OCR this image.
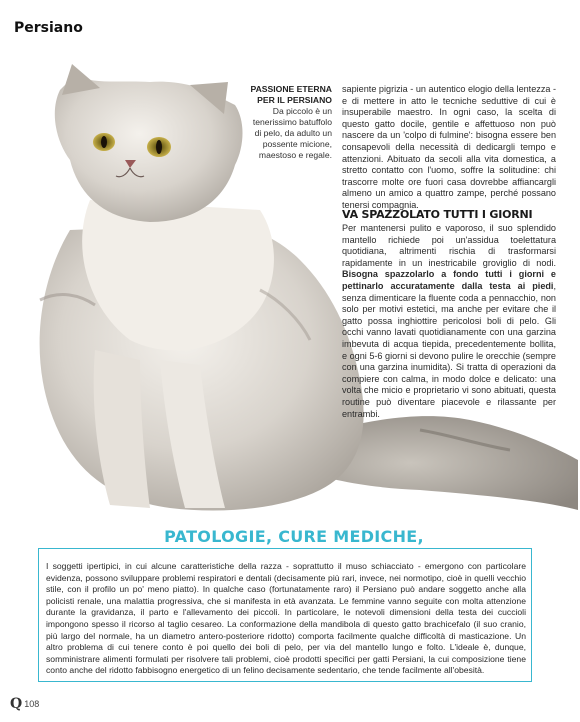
Persiano
PASSIONE ETERNA
PER IL PERSIANO
Da piccolo è un tenerissimo batuffolo di pelo, da adulto un possente micione, maestoso e regale.
sapiente pigrizia - un autentico elogio della lentezza - e di metterе in atto le tecniche seduttive di cui è insuperabile maestro. In ogni caso, la scelta di questo gatto docile, gentile e affettuoso non può nascere da un 'colpo di fulmine': bisogna essere ben consapevoli della necessità di dedicargli tempo e attenzioni. Abituato da secoli alla vita domestica, a stretto contatto con l'uomo, soffre la solitudine: chi trascorre molte ore fuori casa dovrebbe affiancargli almeno un amico a quattro zampe, perché possano tenersi compagnia.
VA SPAZZOLATO TUTTI I GIORNI
Per mantenersi pulito e vaporoso, il suo splendido mantello richiede poi un'assidua toelettatura quotidiana, altrimenti rischia di trasformarsi rapidamente in un inestricabile groviglio di nodi. Bisogna spazzolarlo a fondo tutti i giorni e pettinarlo accuratamente dalla testa ai piedi, senza dimenticare la fluente coda a pennacchio, non solo per motivi estetici, ma anche per evitare che il gatto possa inghiottire pericolosi boli di pelo. Gli occhi vanno lavati quotidianamente con una garzina imbevuta di acqua tiepida, precedentemente bollita, e ogni 5-6 giorni si devono pulire le orecchie (sempre con una garzina inumidita). Si tratta di operazioni da compiere con calma, in modo dolce e delicato: una volta che micio e proprietario vi sono abituati, questa routine può diventare piacevole e rilassante per entrambi.
PATOLOGIE, CURE MEDICHE,
I soggetti ipertipici, in cui alcune caratteristiche della razza - soprattutto il muso schiacciato - emergono con particolare evidenza, possono sviluppare problemi respiratori e dentali (decisamente più rari, invece, nei normotipo, cioè in quelli vecchio stile, con il profilo un po' meno piatto). In qualche caso (fortunatamente raro) il Persiano può andare soggetto anche alla policisti renale, una malattia progressiva, che si manifesta in età avanzata. Le femmine vanno seguite con molta attenzione durante la gravidanza, il parto e l'allevamento dei piccoli. In particolare, le notevoli dimensioni della testa dei cuccioli impongono spesso il ricorso al taglio cesareo. La conformazione della mandibola di questo gatto brachicefalo (il suo cranio, più largo del normale, ha un diametro antero-posteriore ridotto) comporta facilmente qualche difficoltà di masticazione. Un altro problema di cui tenere conto è poi quello dei boli di pelo, per via del mantello lungo e folto. L'ideale è, dunque, somministrare alimenti formulati per risolvere tali problemi, cioè prodotti specifici per gatti Persiani, la cui composizione tiene conto anche del ridotto fabbisogno energetico di un felino decisamente sedentario, che tende facilmente all'obesità.
Q 108
